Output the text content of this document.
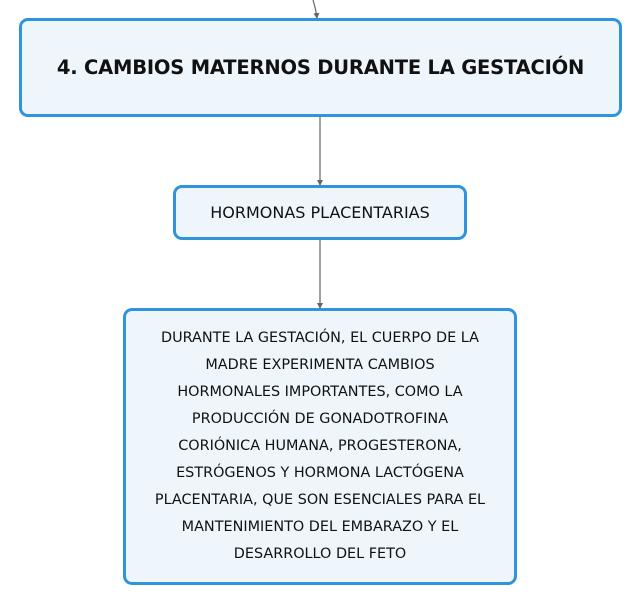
4. CAMBIOS MATERNOS DURANTE LA GESTACIÓN
HORMONAS PLACENTARIAS
DURANTE LA GESTACIÓN, EL CUERPO DE LA
MADRE EXPERIMENTA CAMBIOS
HORMONALES IMPORTANTES, COMO LA
PRODUCCIÓN DE GONADOTROFINA
CORIÓNICA HUMANA, PROGESTERONA,
ESTRÓGENOS Y HORMONA LACTÓGENA
PLACENTARIA, QUE SON ESENCIALES PARA EL
MANTENIMIENTO DEL EMBARAZO Y EL
DESARROLLO DEL FETO
